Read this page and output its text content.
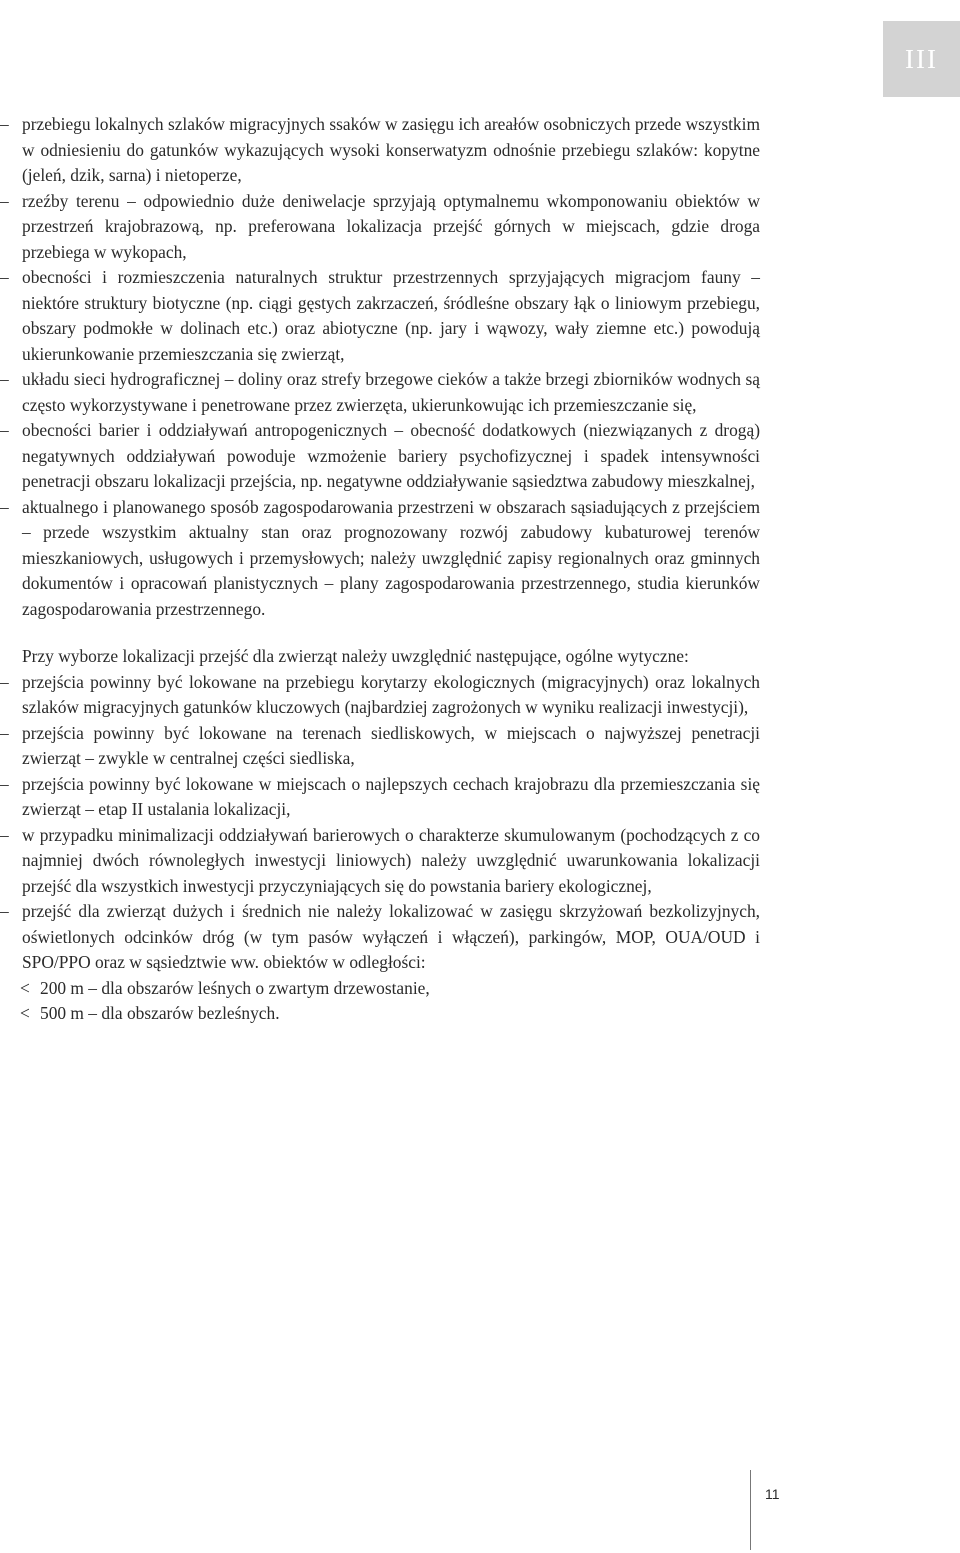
III

– przebiegu lokalnych szlaków migracyjnych ssaków w zasięgu ich areałów osobniczych przede wszystkim w odniesieniu do gatunków wykazujących wysoki konserwatyzm odnośnie przebiegu szlaków: kopytne (jeleń, dzik, sarna) i nietoperze,

– rzeźby terenu – odpowiednio duże deniwelacje sprzyjają optymalnemu wkomponowaniu obiektów w przestrzeń krajobrazową, np. preferowana lokalizacja przejść górnych w miejscach, gdzie droga przebiega w wykopach,

– obecności i rozmieszczenia naturalnych struktur przestrzennych sprzyjających migracjom fauny – niektóre struktury biotyczne (np. ciągi gęstych zakrzaczeń, śródleśne obszary łąk o liniowym przebiegu, obszary podmokłe w dolinach etc.) oraz abiotyczne (np. jary i wąwozy, wały ziemne etc.) powodują ukierunkowanie przemieszczania się zwierząt,

– układu sieci hydrograficznej – doliny oraz strefy brzegowe cieków a także brzegi zbiorników wodnych są często wykorzystywane i penetrowane przez zwierzęta, ukierunkowując ich przemieszczanie się,

– obecności barier i oddziaływań antropogenicznych – obecność dodatkowych (niezwiązanych z drogą) negatywnych oddziaływań powoduje wzmożenie bariery psychofizycznej i spadek intensywności penetracji obszaru lokalizacji przejścia, np. negatywne oddziaływanie sąsiedztwa zabudowy mieszkalnej,

– aktualnego i planowanego sposób zagospodarowania przestrzeni w obszarach sąsiadujących z przejściem – przede wszystkim aktualny stan oraz prognozowany rozwój zabudowy kubaturowej terenów mieszkaniowych, usługowych i przemysłowych; należy uwzględnić zapisy regionalnych oraz gminnych dokumentów i opracowań planistycznych – plany zagospodarowania przestrzennego, studia kierunków zagospodarowania przestrzennego.

Przy wyborze lokalizacji przejść dla zwierząt należy uwzględnić następujące, ogólne wytyczne:

– przejścia powinny być lokowane na przebiegu korytarzy ekologicznych (migracyjnych) oraz lokalnych szlaków migracyjnych gatunków kluczowych (najbardziej zagrożonych w wyniku realizacji inwestycji),

– przejścia powinny być lokowane na terenach siedliskowych, w miejscach o najwyższej penetracji zwierząt – zwykle w centralnej części siedliska,

– przejścia powinny być lokowane w miejscach o najlepszych cechach krajobrazu dla przemieszczania się zwierząt – etap II ustalania lokalizacji,

– w przypadku minimalizacji oddziaływań barierowych o charakterze skumulowanym (pochodzących z co najmniej dwóch równoległych inwestycji liniowych) należy uwzględnić uwarunkowania lokalizacji przejść dla wszystkich inwestycji przyczyniających się do powstania bariery ekologicznej,

– przejść dla zwierząt dużych i średnich nie należy lokalizować w zasięgu skrzyżowań bezkolizyjnych, oświetlonych odcinków dróg (w tym pasów wyłączeń i włączeń), parkingów, MOP, OUA/OUD i SPO/PPO oraz w sąsiedztwie ww. obiektów w odległości:

< 200 m – dla obszarów leśnych o zwartym drzewostanie,

< 500 m – dla obszarów bezleśnych.

11
